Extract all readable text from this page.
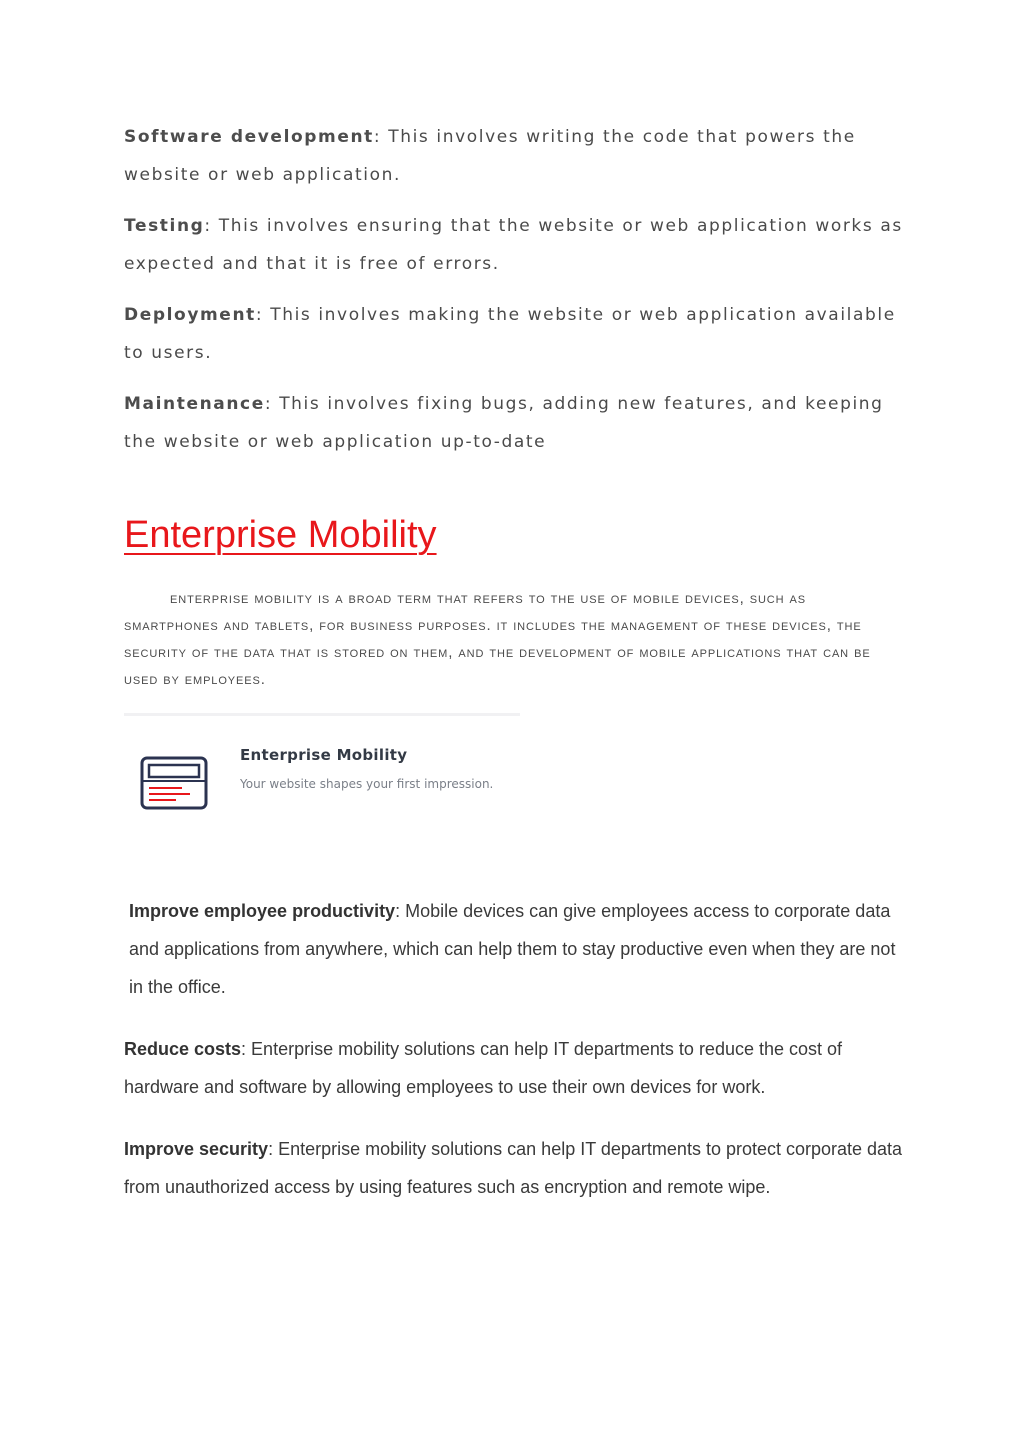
Software development: This involves writing the code that powers the website or web application.

Testing: This involves ensuring that the website or web application works as expected and that it is free of errors.

Deployment: This involves making the website or web application available to users.

Maintenance: This involves fixing bugs, adding new features, and keeping the website or web application up-to-date

Enterprise Mobility

enterprise mobility is a broad term that refers to the use of mobile devices, such as smartphones and tablets, for business purposes. it includes the management of these devices, the security of the data that is stored on them, and the development of mobile applications that can be used by employees.

Enterprise Mobility
Your website shapes your first impression.

Improve employee productivity: Mobile devices can give employees access to corporate data and applications from anywhere, which can help them to stay productive even when they are not in the office.

Reduce costs: Enterprise mobility solutions can help IT departments to reduce the cost of hardware and software by allowing employees to use their own devices for work.

Improve security: Enterprise mobility solutions can help IT departments to protect corporate data from unauthorized access by using features such as encryption and remote wipe.
